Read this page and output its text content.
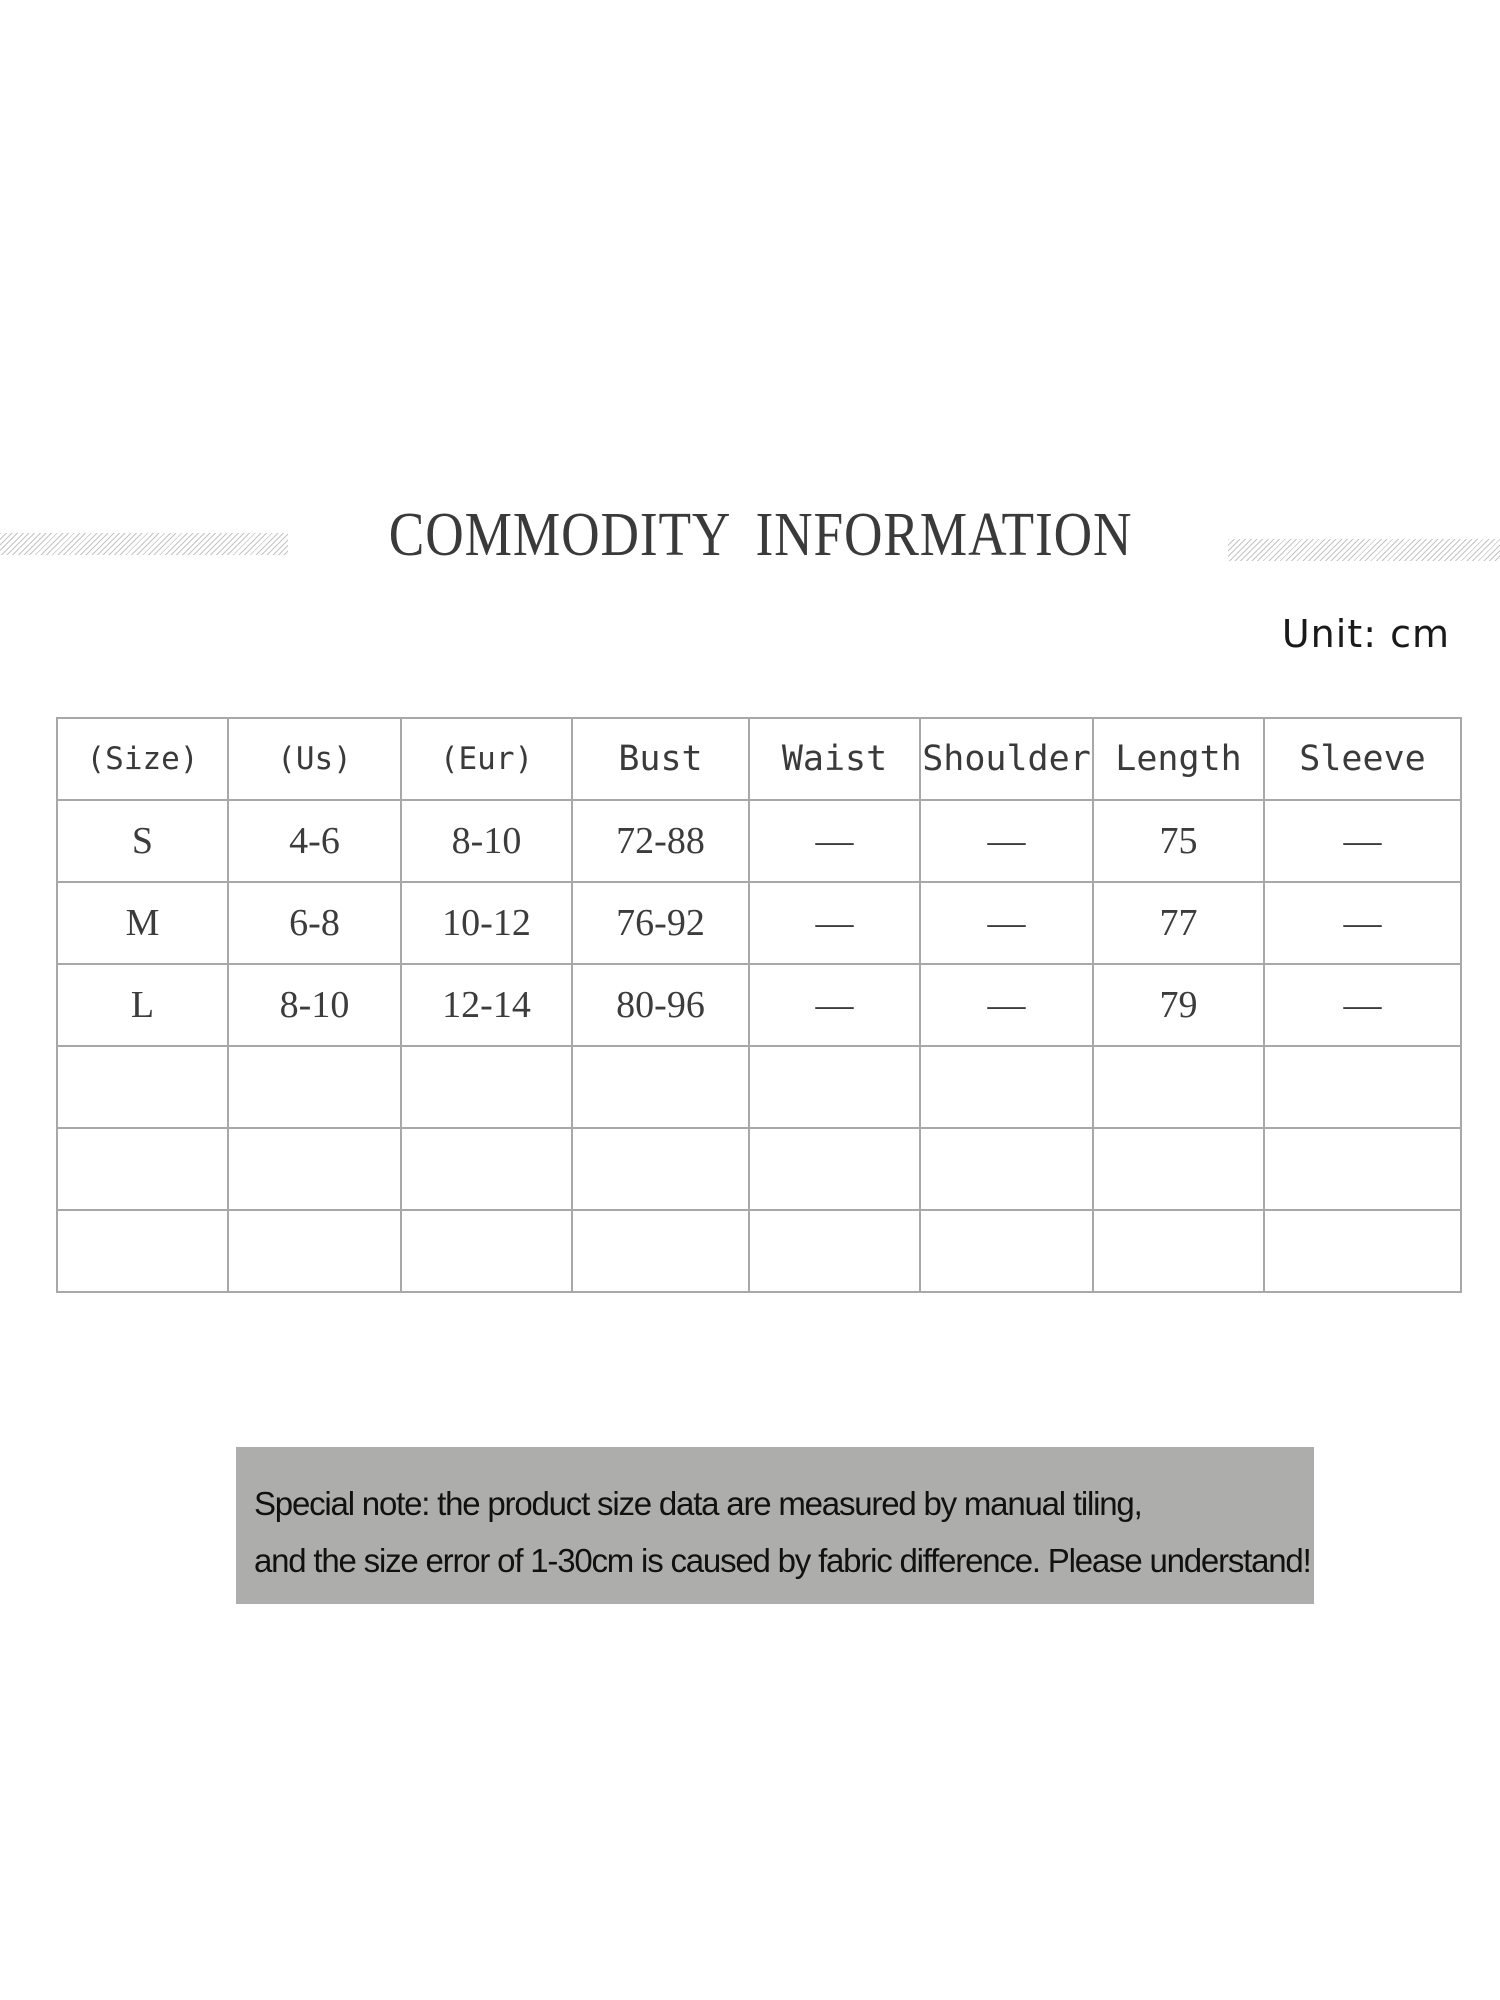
COMMODITY INFORMATION
Unit: cm
(Size)	(Us)	(Eur)	Bust	Waist	Shoulder	Length	Sleeve
S	4-6	8-10	72-88	—	—	75	—
M	6-8	10-12	76-92	—	—	77	—
L	8-10	12-14	80-96	—	—	79	—

Special note: the product size data are measured by manual tiling,
and the size error of 1-30cm is caused by fabric difference. Please understand!
